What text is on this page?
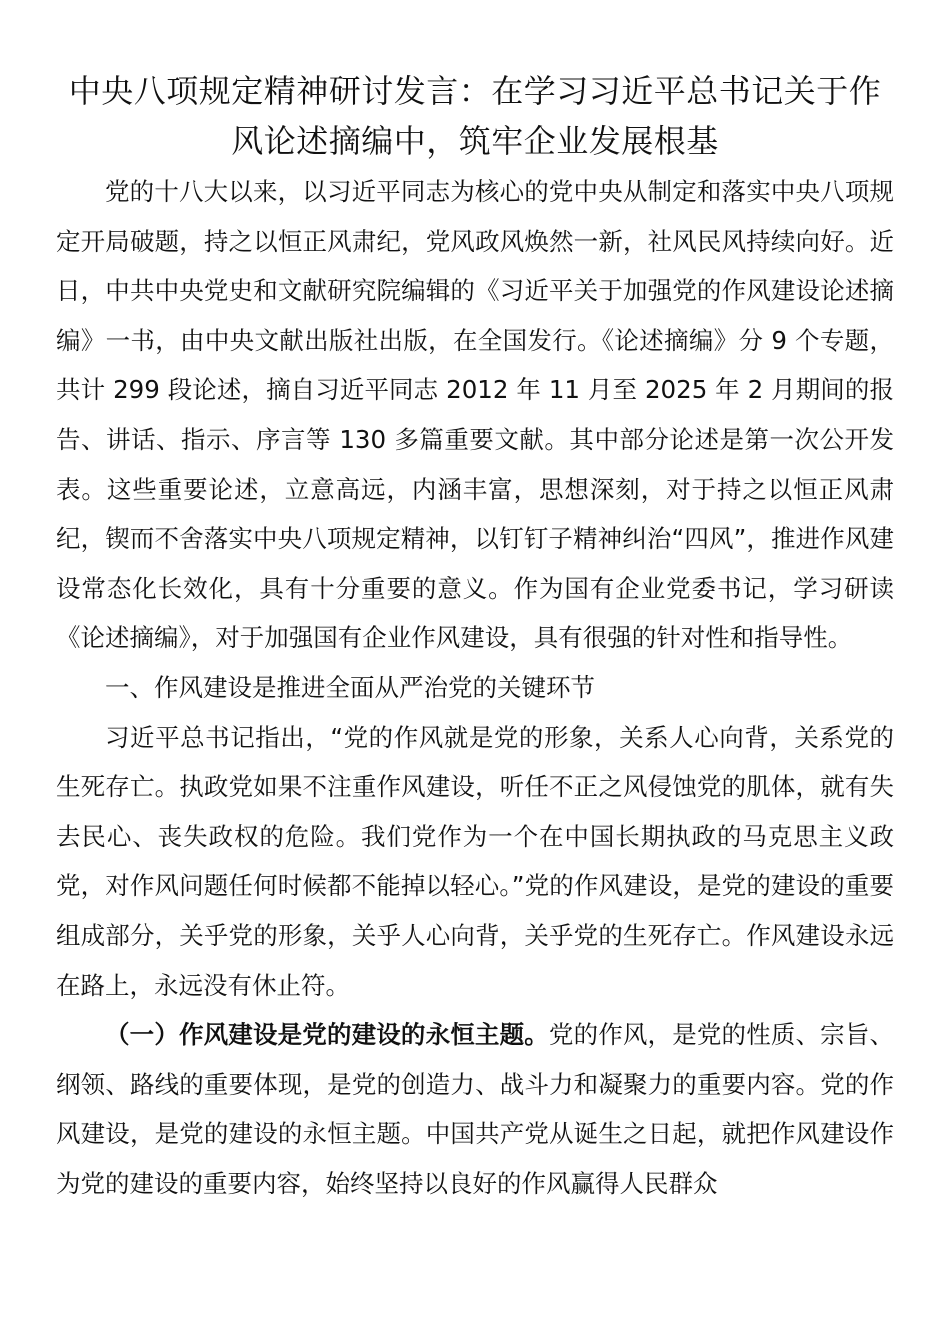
中央八项规定精神研讨发言：在学习习近平总书记关于作风论述摘编中，筑牢企业发展根基

党的十八大以来，以习近平同志为核心的党中央从制定和落实中央八项规定开局破题，持之以恒正风肃纪，党风政风焕然一新，社风民风持续向好。近日，中共中央党史和文献研究院编辑的《习近平关于加强党的作风建设论述摘编》一书，由中央文献出版社出版，在全国发行。《论述摘编》分 9 个专题，共计 299 段论述，摘自习近平同志 2012 年 11 月至 2025 年 2 月期间的报告、讲话、指示、序言等 130 多篇重要文献。其中部分论述是第一次公开发表。这些重要论述，立意高远，内涵丰富，思想深刻，对于持之以恒正风肃纪，锲而不舍落实中央八项规定精神，以钉钉子精神纠治“四风”，推进作风建设常态化长效化，具有十分重要的意义。作为国有企业党委书记，学习研读《论述摘编》，对于加强国有企业作风建设，具有很强的针对性和指导性。

一、作风建设是推进全面从严治党的关键环节

习近平总书记指出，“党的作风就是党的形象，关系人心向背，关系党的生死存亡。执政党如果不注重作风建设，听任不正之风侵蚀党的肌体，就有失去民心、丧失政权的危险。我们党作为一个在中国长期执政的马克思主义政党，对作风问题任何时候都不能掉以轻心。”党的作风建设，是党的建设的重要组成部分，关乎党的形象，关乎人心向背，关乎党的生死存亡。作风建设永远在路上，永远没有休止符。

（一）作风建设是党的建设的永恒主题。党的作风，是党的性质、宗旨、纲领、路线的重要体现，是党的创造力、战斗力和凝聚力的重要内容。党的作风建设，是党的建设的永恒主题。中国共产党从诞生之日起，就把作风建设作为党的建设的重要内容，始终坚持以良好的作风赢得人民群众
